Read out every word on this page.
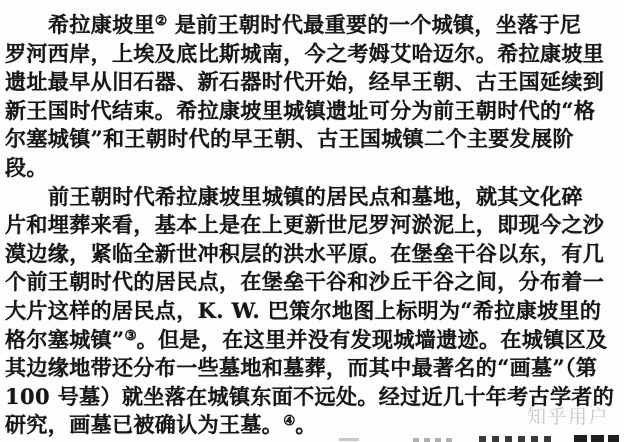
希拉康坡里② 是前王朝时代最重要的一个城镇，坐落于尼
罗河西岸，上埃及底比斯城南，今之考姆艾哈迈尔。希拉康坡里
遗址最早从旧石器、新石器时代开始，经早王朝、古王国延续到
新王国时代结束。希拉康坡里城镇遗址可分为前王朝时代的“格
尔塞城镇”和王朝时代的早王朝、古王国城镇二个主要发展阶
段。
前王朝时代希拉康坡里城镇的居民点和墓地，就其文化碎
片和埋葬来看，基本上是在上更新世尼罗河淤泥上，即现今之沙
漠边缘，紧临全新世冲积层的洪水平原。在堡垒干谷以东，有几
个前王朝时代的居民点，在堡垒干谷和沙丘干谷之间，分布着一
大片这样的居民点，K. W. 巴策尔地图上标明为“希拉康坡里的
格尔塞城镇”③。但是，在这里并没有发现城墙遗迹。在城镇区及
其边缘地带还分布一些墓地和墓葬，而其中最著名的“画墓”（第
100 号墓）就坐落在城镇东面不远处。经过近几十年考古学者的
研究，画墓已被确认为王墓。④。	知乎用户
